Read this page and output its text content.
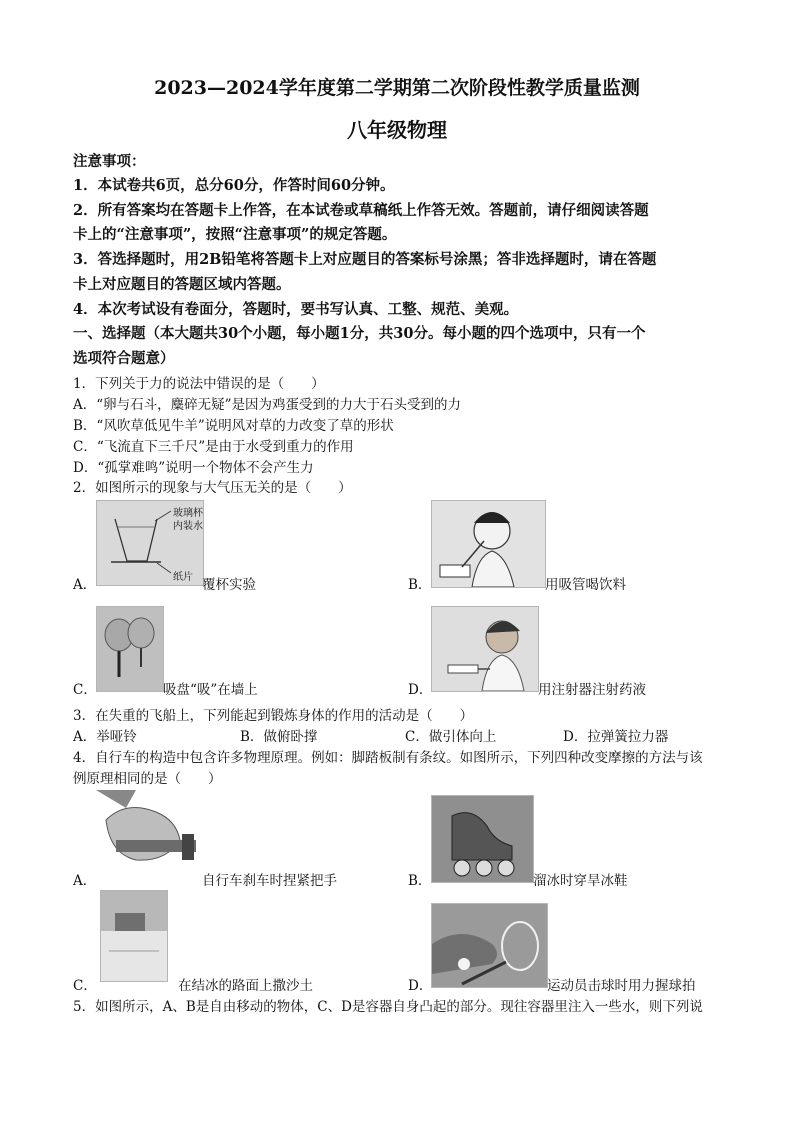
2023—2024学年度第二学期第二次阶段性教学质量监测
八年级物理
注意事项：
1．本试卷共6页，总分60分，作答时间60分钟。
2．所有答案均在答题卡上作答，在本试卷或草稿纸上作答无效。答题前，请仔细阅读答题
卡上的“注意事项”，按照“注意事项”的规定答题。
3．答选择题时，用2B铅笔将答题卡上对应题目的答案标号涂黑；答非选择题时，请在答题
卡上对应题目的答题区域内答题。
4．本次考试设有卷面分，答题时，要书写认真、工整、规范、美观。
一、选择题（本大题共30个小题，每小题1分，共30分。每小题的四个选项中，只有一个
选项符合题意）
1．下列关于力的说法中错误的是（　　）
A．“卵与石斗，麋碎无疑”是因为鸡蛋受到的力大于石头受到的力
B．“风吹草低见牛羊”说明风对草的力改变了草的形状
C．“飞流直下三千尺”是由于水受到重力的作用
D．“孤掌难鸣”说明一个物体不会产生力
2．如图所示的现象与大气压无关的是（　　）
玻璃杯
内装水
纸片
A．	覆杯实验	B．	用吸管喝饮料
C．	吸盘“吸”在墙上	D．	用注射器注射药液
3．在失重的飞船上，下列能起到锻炼身体的作用的活动是（　　）
A．举哑铃	B．做俯卧撑	C．做引体向上	D．拉弹簧拉力器
4．自行车的构造中包含许多物理原理。例如：脚踏板制有条纹。如图所示，下列四种改变摩擦的方法与该
例原理相同的是（　　）
A．	自行车刹车时捏紧把手	B．	溜冰时穿旱冰鞋
C．	在结冰的路面上撒沙土	D．	运动员击球时用力握球拍
5．如图所示，A、B是自由移动的物体，C、D是容器自身凸起的部分。现往容器里注入一些水，则下列说
